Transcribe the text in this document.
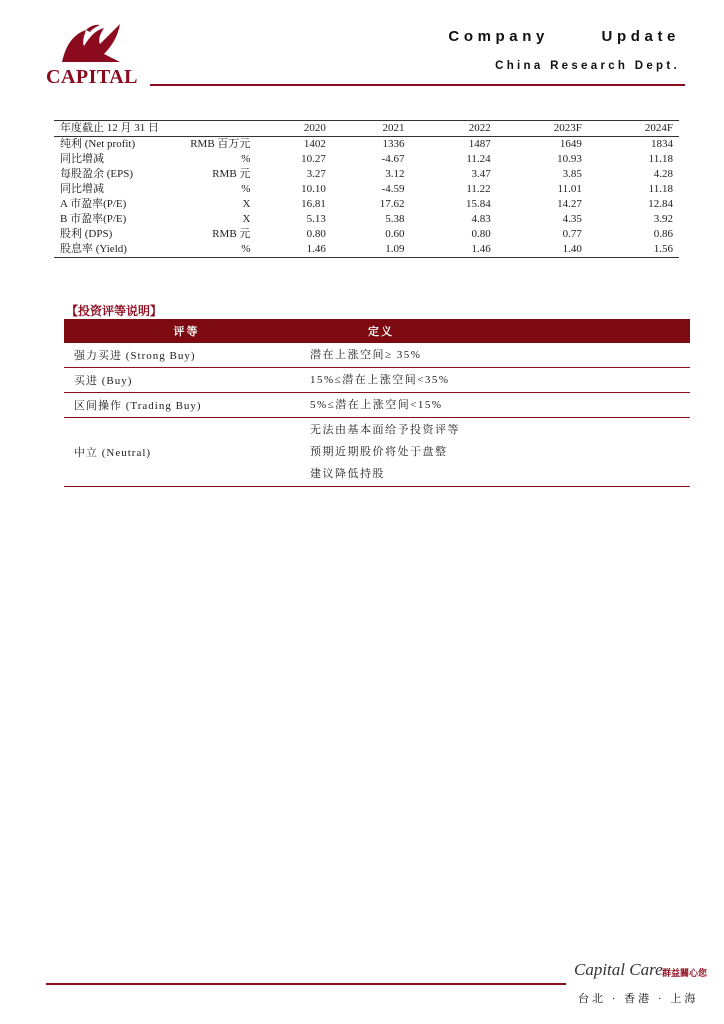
CAPITAL
Company      Update
China Research Dept.
年度截止 12 月 31 日		2020	2021	2022	2023F	2024F
纯利 (Net profit)	RMB 百万元	1402	1336	1487	1649	1834
同比增减	%	10.27	-4.67	11.24	10.93	11.18
每股盈余 (EPS)	RMB 元	3.27	3.12	3.47	3.85	4.28
同比增减	%	10.10	-4.59	11.22	11.01	11.18
A 市盈率(P/E)	X	16.81	17.62	15.84	14.27	12.84
B 市盈率(P/E)	X	5.13	5.38	4.83	4.35	3.92
股利 (DPS)	RMB 元	0.80	0.60	0.80	0.77	0.86
股息率 (Yield)	%	1.46	1.09	1.46	1.40	1.56
【投资评等说明】
评等	定义
强力买进 (Strong Buy)	潜在上涨空间≥ 35%

买进 (Buy)	15%≤潜在上涨空间<35%

区间操作 (Trading Buy)	5%≤潜在上涨空间<15%

中立 (Neutral)	无法由基本面给予投资评等
预期近期股价将处于盘整
建议降低持股
Capital Care 群益關心您
台北 · 香港 · 上海
